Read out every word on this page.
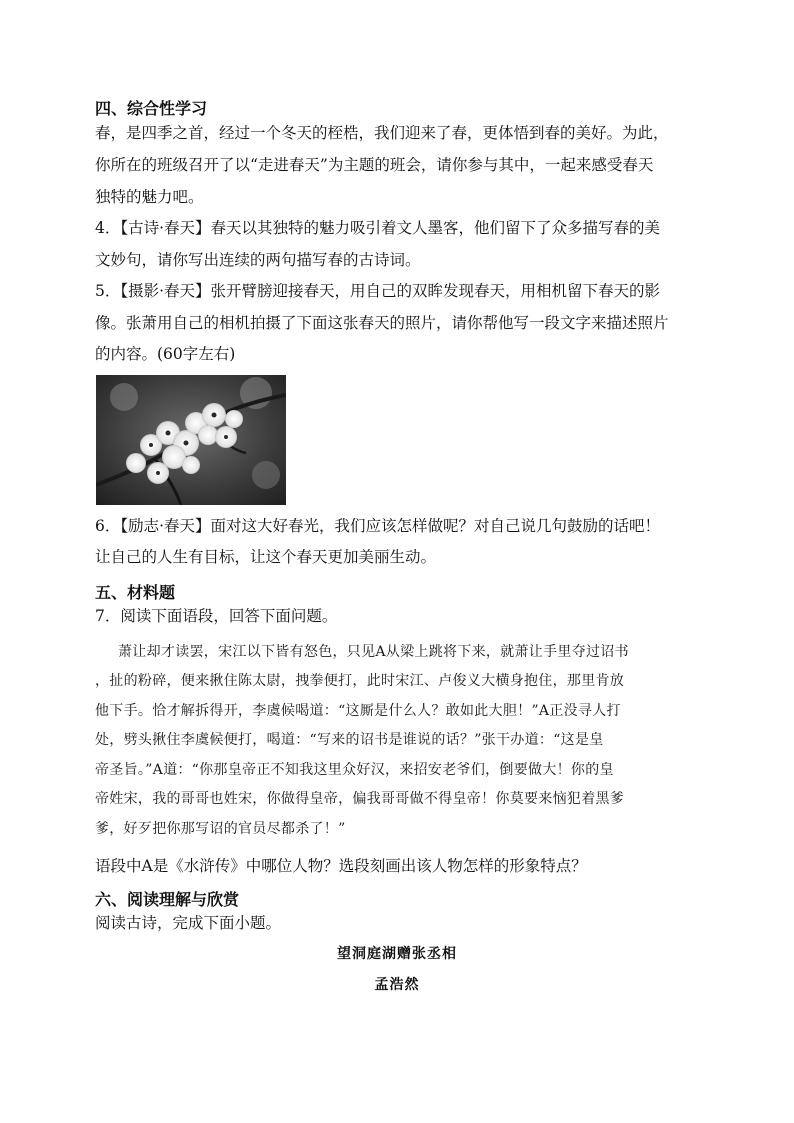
四、综合性学习
春，是四季之首，经过一个冬天的桎梏，我们迎来了春，更体悟到春的美好。为此，
你所在的班级召开了以“走进春天”为主题的班会，请你参与其中，一起来感受春天
独特的魅力吧。
4．【古诗·春天】春天以其独特的魅力吸引着文人墨客，他们留下了众多描写春的美
文妙句，请你写出连续的两句描写春的古诗词。
5．【摄影·春天】张开臂膀迎接春天，用自己的双眸发现春天，用相机留下春天的影
像。张萧用自己的相机拍摄了下面这张春天的照片，请你帮他写一段文字来描述照片
的内容。(60字左右)
6．【励志·春天】面对这大好春光，我们应该怎样做呢？对自己说几句鼓励的话吧！
让自己的人生有目标，让这个春天更加美丽生动。
五、材料题
7．阅读下面语段，回答下面问题。
萧让却才读罢，宋江以下皆有怒色，只见A从梁上跳将下来，就萧让手里夺过诏书
，扯的粉碎，便来揪住陈太尉，拽拳便打，此时宋江、卢俊义大横身抱住，那里肯放
他下手。恰才解拆得开，李虞候喝道：“这厮是什么人？敢如此大胆！”A正没寻人打
处，劈头揪住李虞候便打，喝道：“写来的诏书是谁说的话？”张干办道：“这是皇
帝圣旨。”A道：“你那皇帝正不知我这里众好汉，来招安老爷们，倒要做大！你的皇
帝姓宋，我的哥哥也姓宋，你做得皇帝，偏我哥哥做不得皇帝！你莫要来恼犯着黑爹
爹，好歹把你那写诏的官员尽都杀了！”
语段中A是《水浒传》中哪位人物？选段刻画出该人物怎样的形象特点？
六、阅读理解与欣赏
阅读古诗，完成下面小题。
望洞庭湖赠张丞相
孟浩然
